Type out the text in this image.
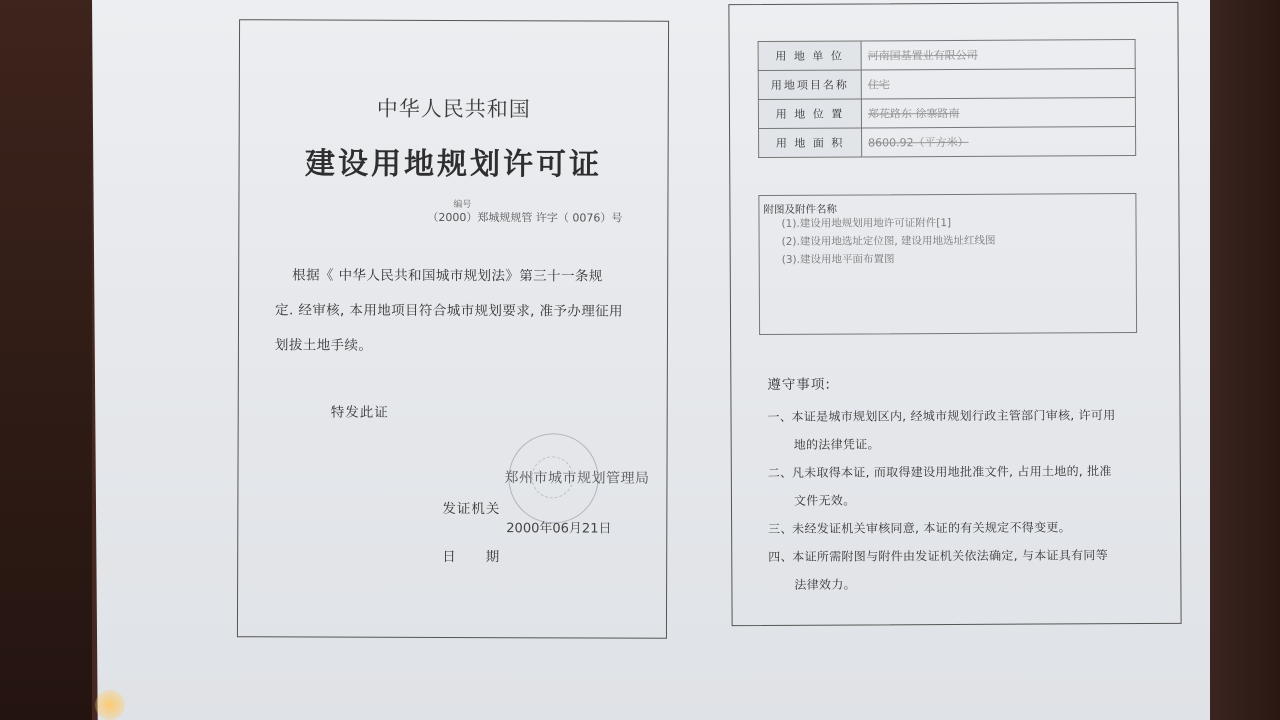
中华人民共和国
建设用地规划许可证
编号
（2000）郑城规规管 许字（ 0076）号
根据《 中华人民共和国城市规划法》第三十一条规
定. 经审核, 本用地项目符合城市规划要求, 准予办理征用
划拔土地手续。
特发此证
郑州市城市规划管理局
发证机关
2000年06月21日
日　　期
用 地 单 位	河南国基置业有限公司
用地项目名称	住宅
用 地 位 置	郑花路东 徐寨路南
用 地 面 积	8600.92（平方米）
附图及附件名称
(1).建设用地规划用地许可证附件[1]
(2).建设用地选址定位图, 建设用地选址红线图
(3).建设用地平面布置图
遵守事项:
一、本证是城市规划区内, 经城市规划行政主管部门审核, 许可用
地的法律凭证。
二、凡未取得本证, 而取得建设用地批准文件, 占用土地的, 批准
文件无效。
三、未经发证机关审核同意, 本证的有关规定不得变更。
四、本证所需附图与附件由发证机关依法确定, 与本证具有同等
法律效力。
